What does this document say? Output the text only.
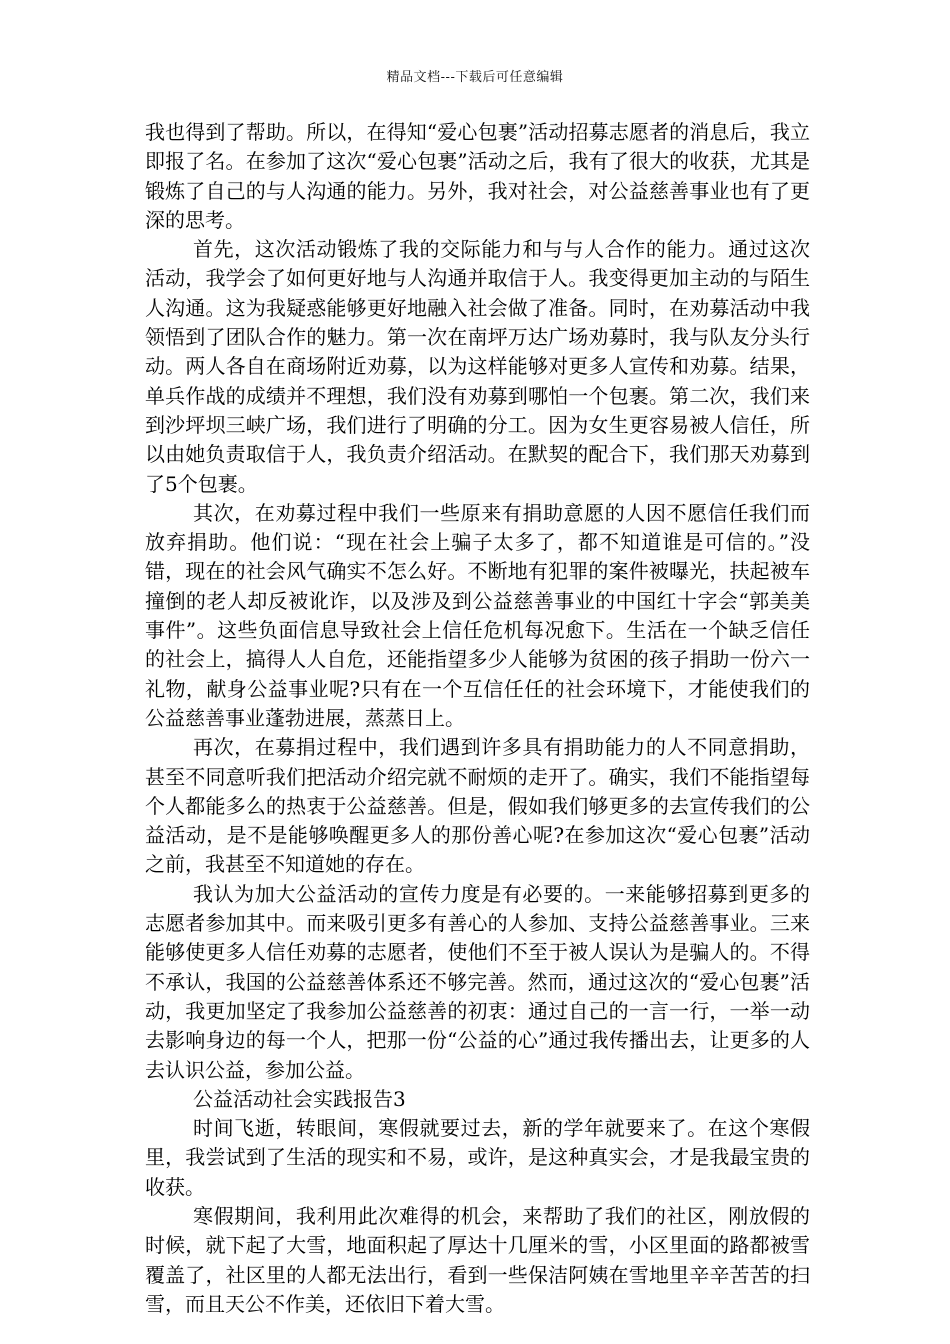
精品文档---下载后可任意编辑

我也得到了帮助。所以，在得知“爱心包裹”活动招募志愿者的消息后，我立即报了名。在参加了这次“爱心包裹”活动之后，我有了很大的收获，尤其是锻炼了自己的与人沟通的能力。另外，我对社会，对公益慈善事业也有了更深的思考。

首先，这次活动锻炼了我的交际能力和与与人合作的能力。通过这次活动，我学会了如何更好地与人沟通并取信于人。我变得更加主动的与陌生人沟通。这为我疑惑能够更好地融入社会做了准备。同时，在劝募活动中我领悟到了团队合作的魅力。第一次在南坪万达广场劝募时，我与队友分头行动。两人各自在商场附近劝募，以为这样能够对更多人宣传和劝募。结果，单兵作战的成绩并不理想，我们没有劝募到哪怕一个包裹。第二次，我们来到沙坪坝三峡广场，我们进行了明确的分工。因为女生更容易被人信任，所以由她负责取信于人，我负责介绍活动。在默契的配合下，我们那天劝募到了5个包裹。

其次，在劝募过程中我们一些原来有捐助意愿的人因不愿信任我们而放弃捐助。他们说：“现在社会上骗子太多了，都不知道谁是可信的。”没错，现在的社会风气确实不怎么好。不断地有犯罪的案件被曝光，扶起被车撞倒的老人却反被讹诈，以及涉及到公益慈善事业的中国红十字会“郭美美事件”。这些负面信息导致社会上信任危机每况愈下。生活在一个缺乏信任的社会上，搞得人人自危，还能指望多少人能够为贫困的孩子捐助一份六一礼物，献身公益事业呢?只有在一个互信任任的社会环境下，才能使我们的公益慈善事业蓬勃进展，蒸蒸日上。

再次，在募捐过程中，我们遇到许多具有捐助能力的人不同意捐助，甚至不同意听我们把活动介绍完就不耐烦的走开了。确实，我们不能指望每个人都能多么的热衷于公益慈善。但是，假如我们够更多的去宣传我们的公益活动，是不是能够唤醒更多人的那份善心呢?在参加这次“爱心包裹”活动之前，我甚至不知道她的存在。

我认为加大公益活动的宣传力度是有必要的。一来能够招募到更多的志愿者参加其中。而来吸引更多有善心的人参加、支持公益慈善事业。三来能够使更多人信任劝募的志愿者，使他们不至于被人误认为是骗人的。不得不承认，我国的公益慈善体系还不够完善。然而，通过这次的“爱心包裹”活动，我更加坚定了我参加公益慈善的初衷：通过自己的一言一行，一举一动去影响身边的每一个人，把那一份“公益的心”通过我传播出去，让更多的人去认识公益，参加公益。

公益活动社会实践报告3

时间飞逝，转眼间，寒假就要过去，新的学年就要来了。在这个寒假里，我尝试到了生活的现实和不易，或许，是这种真实会，才是我最宝贵的收获。

寒假期间，我利用此次难得的机会，来帮助了我们的社区，刚放假的时候，就下起了大雪，地面积起了厚达十几厘米的雪，小区里面的路都被雪覆盖了，社区里的人都无法出行，看到一些保洁阿姨在雪地里辛辛苦苦的扫雪，而且天公不作美，还依旧下着大雪。
